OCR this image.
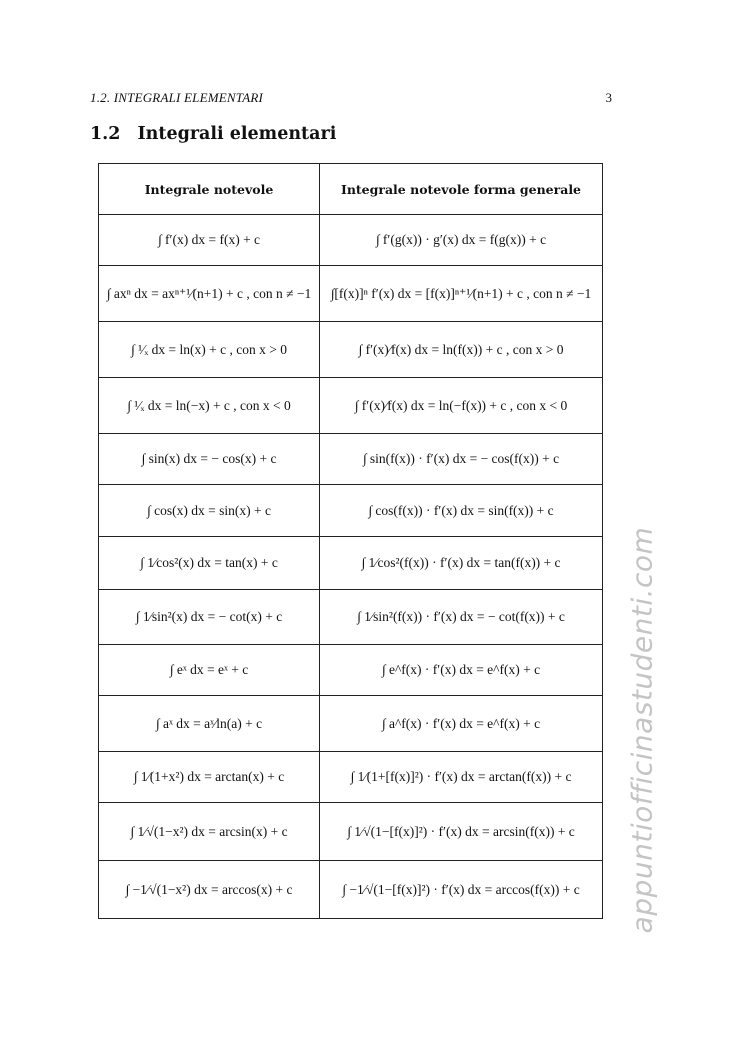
1.2. INTEGRALI ELEMENTARI	3
1.2 Integrali elementari
Integrale notevole	Integrale notevole forma generale
∫ f′(x) dx = f(x) + c	∫ f′(g(x)) · g′(x) dx = f(g(x)) + c
∫ axⁿ dx = axⁿ⁺¹⁄(n+1) + c , con n ≠ −1	∫[f(x)]ⁿ f′(x) dx = [f(x)]ⁿ⁺¹⁄(n+1) + c , con n ≠ −1
∫ ¹⁄ₓ dx = ln(x) + c , con x > 0	∫ f′(x)⁄f(x) dx = ln(f(x)) + c , con x > 0
∫ ¹⁄ₓ dx = ln(−x) + c , con x < 0	∫ f′(x)⁄f(x) dx = ln(−f(x)) + c , con x < 0
∫ sin(x) dx = − cos(x) + c	∫ sin(f(x)) · f′(x) dx = − cos(f(x)) + c
∫ cos(x) dx = sin(x) + c	∫ cos(f(x)) · f′(x) dx = sin(f(x)) + c
∫ 1⁄cos²(x) dx = tan(x) + c	∫ 1⁄cos²(f(x)) · f′(x) dx = tan(f(x)) + c
∫ 1⁄sin²(x) dx = − cot(x) + c	∫ 1⁄sin²(f(x)) · f′(x) dx = − cot(f(x)) + c
∫ eˣ dx = eˣ + c	∫ e^f(x) · f′(x) dx = e^f(x) + c
∫ aˣ dx = aˣ⁄ln(a) + c	∫ a^f(x) · f′(x) dx = e^f(x) + c
∫ 1⁄(1+x²) dx = arctan(x) + c	∫ 1⁄(1+[f(x)]²) · f′(x) dx = arctan(f(x)) + c
∫ 1⁄√(1−x²) dx = arcsin(x) + c	∫ 1⁄√(1−[f(x)]²) · f′(x) dx = arcsin(f(x)) + c
∫ −1⁄√(1−x²) dx = arccos(x) + c	∫ −1⁄√(1−[f(x)]²) · f′(x) dx = arccos(f(x)) + c appuntiofficinastudenti.com
